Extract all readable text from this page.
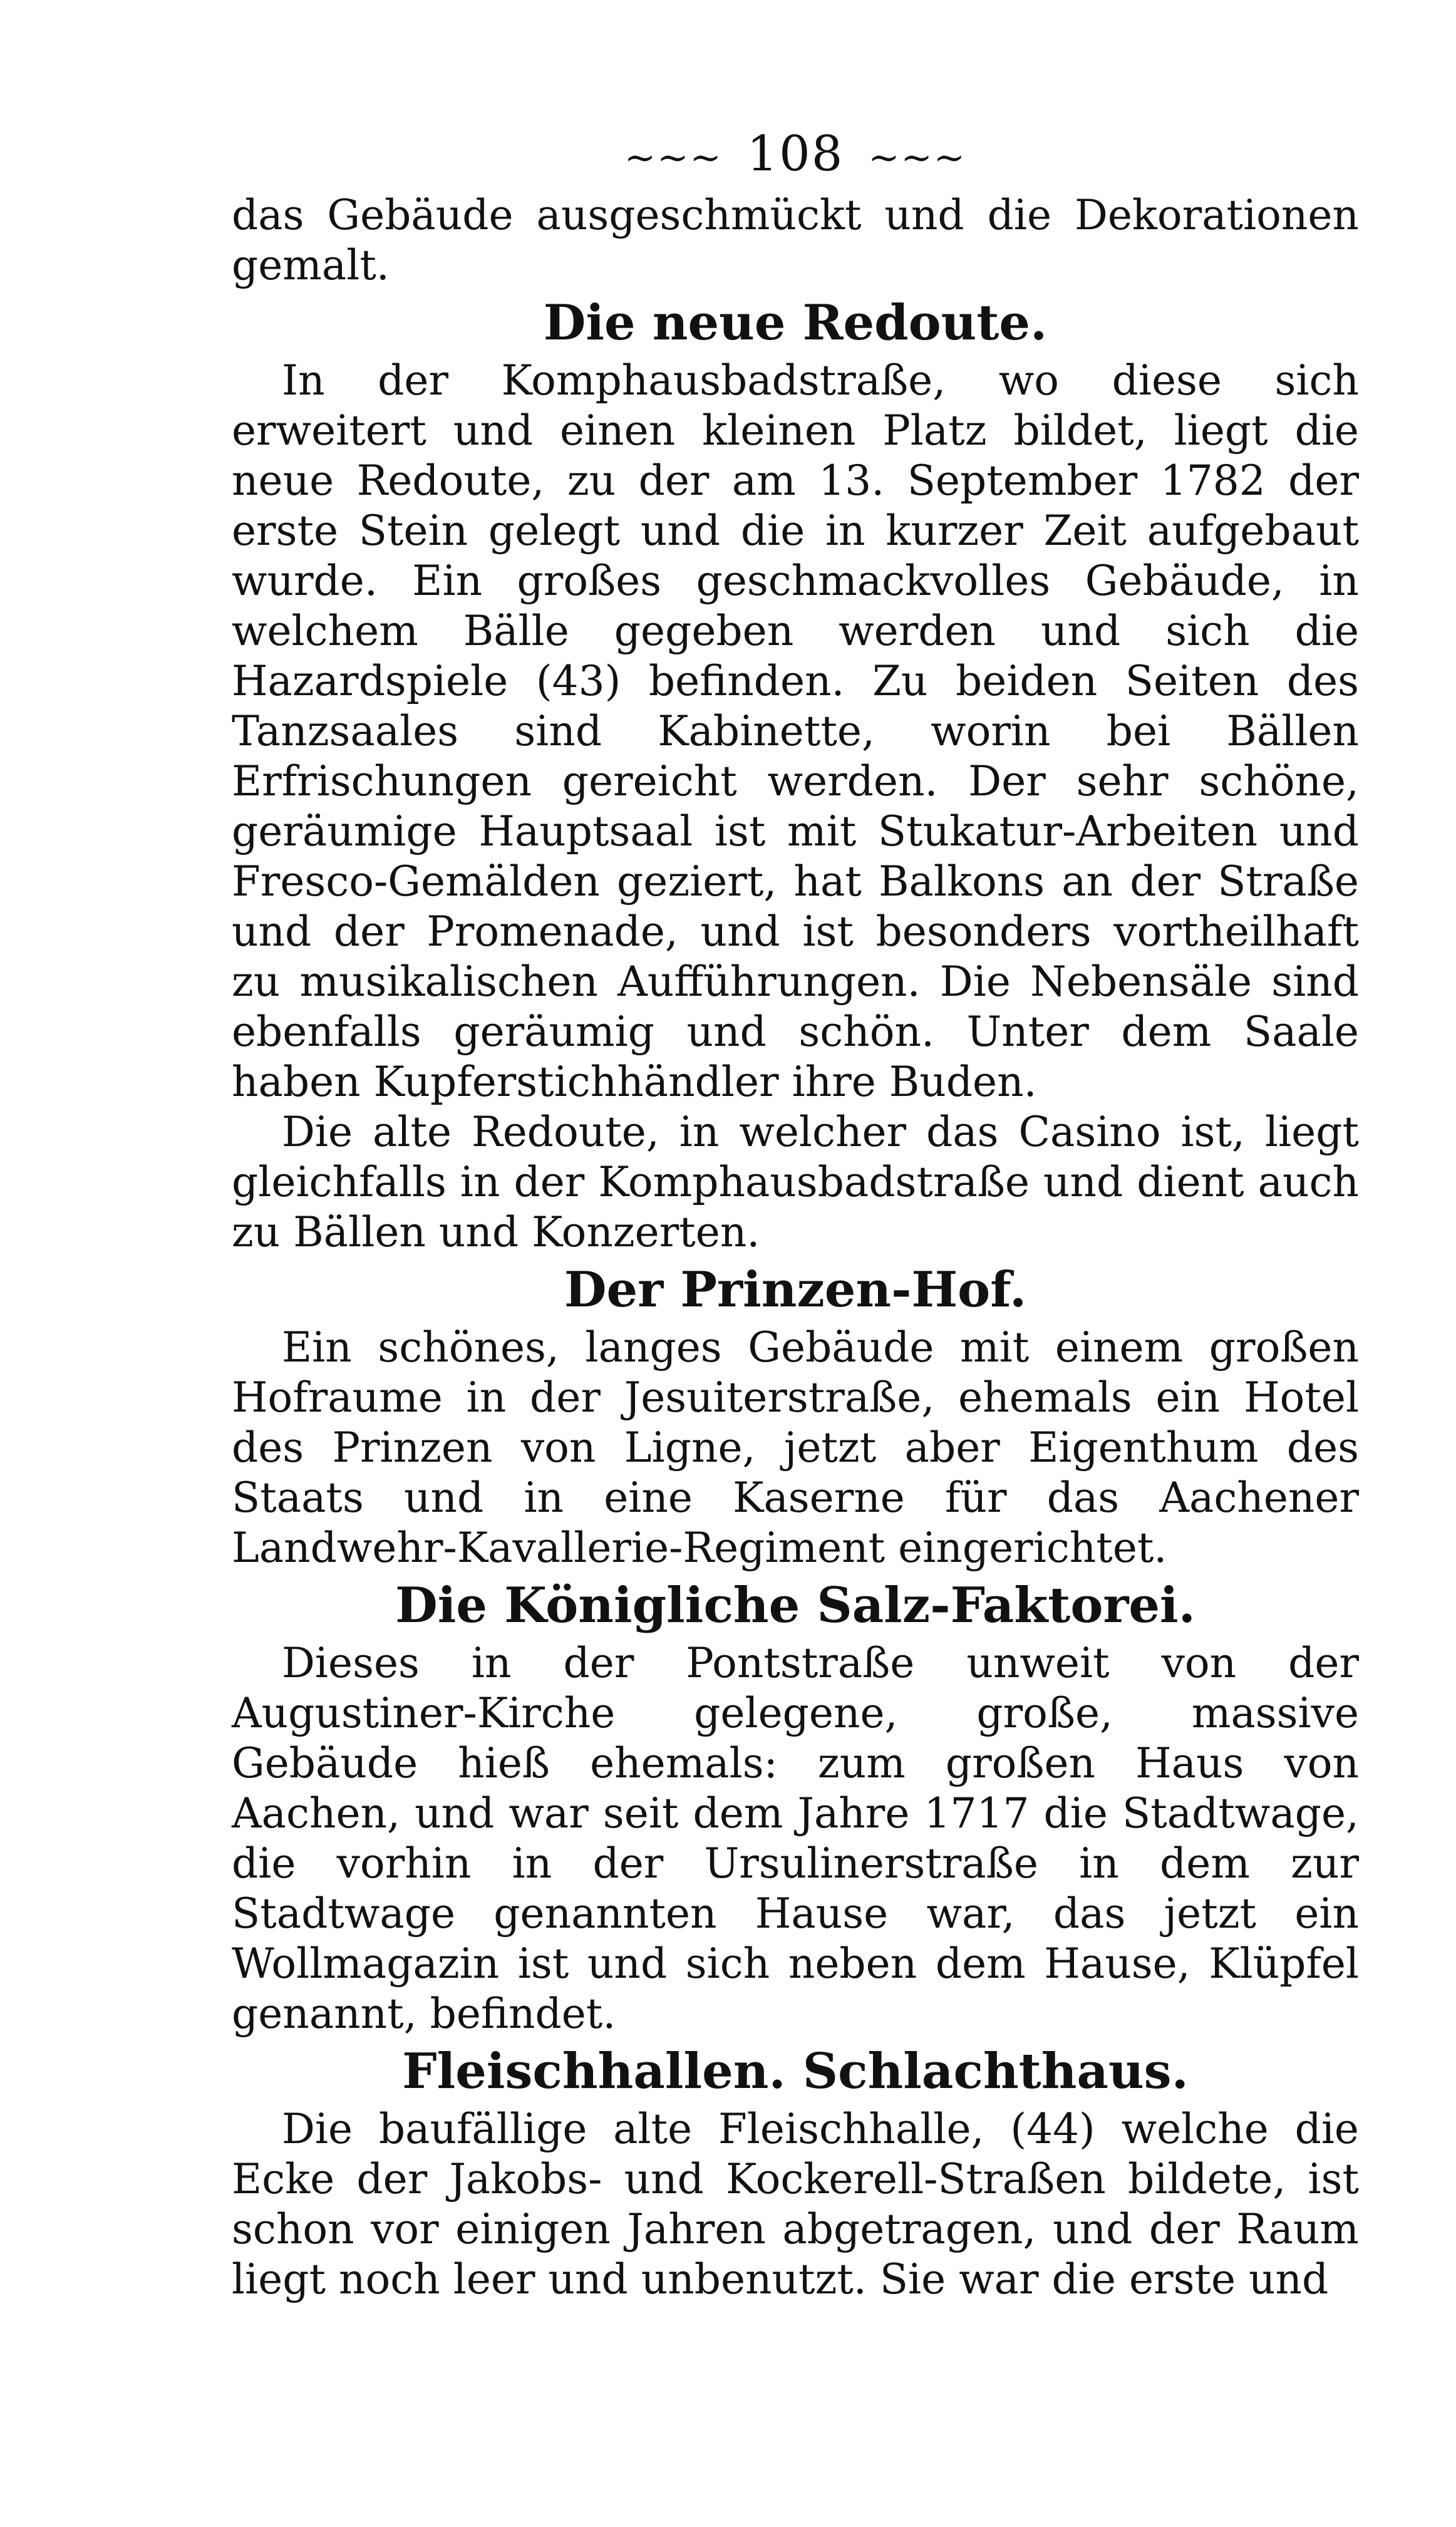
~~~ 108 ~~~

das Gebäude ausgeschmückt und die Dekorationen gemalt.

Die neue Redoute.

In der Komphausbadstraße, wo diese sich erweitert und einen kleinen Platz bildet, liegt die neue Redoute, zu der am 13. September 1782 der erste Stein gelegt und die in kurzer Zeit aufgebaut wurde. Ein großes geschmackvolles Gebäude, in welchem Bälle gegeben werden und sich die Hazardspiele (43) befinden. Zu beiden Seiten des Tanzsaales sind Kabinette, worin bei Bällen Erfrischungen gereicht werden. Der sehr schöne, geräumige Hauptsaal ist mit Stukatur-Arbeiten und Fresco-Gemälden geziert, hat Balkons an der Straße und der Promenade, und ist besonders vortheilhaft zu musikalischen Aufführungen. Die Nebensäle sind ebenfalls geräumig und schön. Unter dem Saale haben Kupferstichhändler ihre Buden.

Die alte Redoute, in welcher das Casino ist, liegt gleichfalls in der Komphausbadstraße und dient auch zu Bällen und Konzerten.

Der Prinzen-Hof.

Ein schönes, langes Gebäude mit einem großen Hofraume in der Jesuiterstraße, ehemals ein Hotel des Prinzen von Ligne, jetzt aber Eigenthum des Staats und in eine Kaserne für das Aachener Landwehr-Kavallerie-Regiment eingerichtet.

Die Königliche Salz-Faktorei.

Dieses in der Pontstraße unweit von der Augustiner-Kirche gelegene, große, massive Gebäude hieß ehemals: zum großen Haus von Aachen, und war seit dem Jahre 1717 die Stadtwage, die vorhin in der Ursulinerstraße in dem zur Stadtwage genannten Hause war, das jetzt ein Wollmagazin ist und sich neben dem Hause, Klüpfel genannt, befindet.

Fleischhallen. Schlachthaus.

Die baufällige alte Fleischhalle, (44) welche die Ecke der Jakobs- und Kockerell-Straßen bildete, ist schon vor einigen Jahren abgetragen, und der Raum liegt noch leer und unbenutzt. Sie war die erste und
